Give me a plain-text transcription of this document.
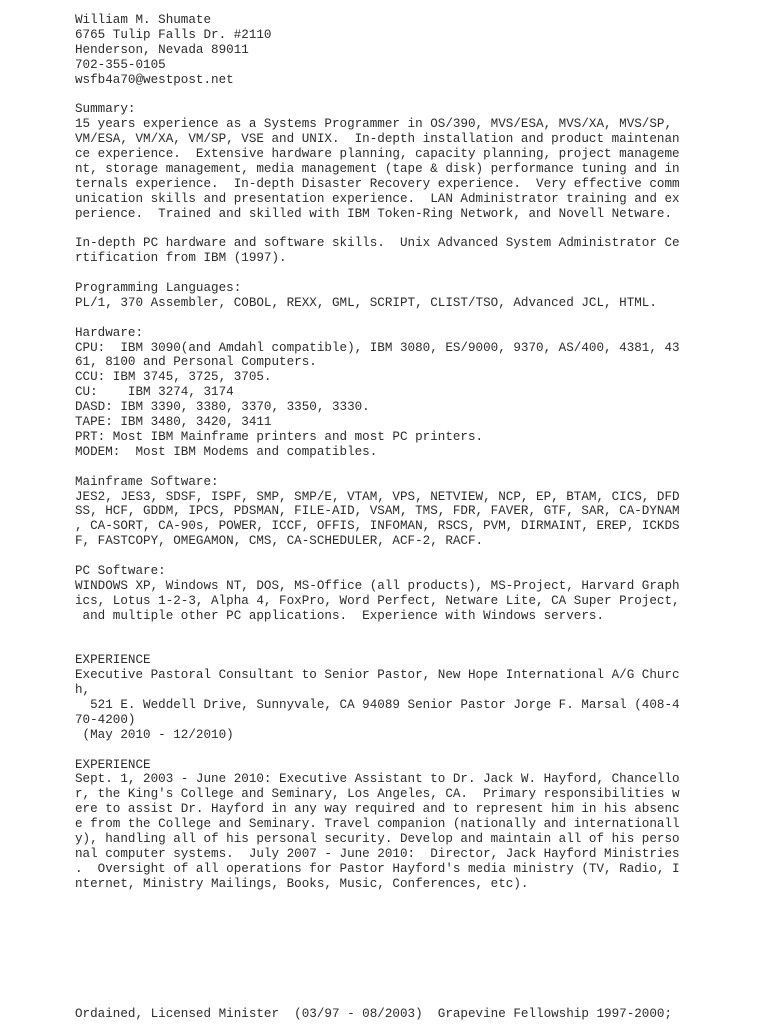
William M. Shumate
6765 Tulip Falls Dr. #2110
Henderson, Nevada 89011
702-355-0105
wsfb4a70@westpost.net
Summary:
15 years experience as a Systems Programmer in OS/390, MVS/ESA, MVS/XA, MVS/SP,
VM/ESA, VM/XA, VM/SP, VSE and UNIX.  In-depth installation and product maintenan
ce experience.  Extensive hardware planning, capacity planning, project manageme
nt, storage management, media management (tape & disk) performance tuning and in
ternals experience.  In-depth Disaster Recovery experience.  Very effective comm
unication skills and presentation experience.  LAN Administrator training and ex
perience.  Trained and skilled with IBM Token-Ring Network, and Novell Netware.
In-depth PC hardware and software skills.  Unix Advanced System Administrator Ce
rtification from IBM (1997).
Programming Languages:
PL/1, 370 Assembler, COBOL, REXX, GML, SCRIPT, CLIST/TSO, Advanced JCL, HTML.
Hardware:
CPU:  IBM 3090(and Amdahl compatible), IBM 3080, ES/9000, 9370, AS/400, 4381, 43
61, 8100 and Personal Computers.
CCU: IBM 3745, 3725, 3705.
CU:    IBM 3274, 3174
DASD: IBM 3390, 3380, 3370, 3350, 3330.
TAPE: IBM 3480, 3420, 3411
PRT: Most IBM Mainframe printers and most PC printers.
MODEM:  Most IBM Modems and compatibles.
Mainframe Software:
JES2, JES3, SDSF, ISPF, SMP, SMP/E, VTAM, VPS, NETVIEW, NCP, EP, BTAM, CICS, DFD
SS, HCF, GDDM, IPCS, PDSMAN, FILE-AID, VSAM, TMS, FDR, FAVER, GTF, SAR, CA-DYNAM
, CA-SORT, CA-90s, POWER, ICCF, OFFIS, INFOMAN, RSCS, PVM, DIRMAINT, EREP, ICKDS
F, FASTCOPY, OMEGAMON, CMS, CA-SCHEDULER, ACF-2, RACF.
PC Software:
WINDOWS XP, Windows NT, DOS, MS-Office (all products), MS-Project, Harvard Graph
ics, Lotus 1-2-3, Alpha 4, FoxPro, Word Perfect, Netware Lite, CA Super Project,
and multiple other PC applications.  Experience with Windows servers.
EXPERIENCE
Executive Pastoral Consultant to Senior Pastor, New Hope International A/G Churc
h,
521 E. Weddell Drive, Sunnyvale, CA 94089 Senior Pastor Jorge F. Marsal (408-4
70-4200)
(May 2010 - 12/2010)
EXPERIENCE
Sept. 1, 2003 - June 2010: Executive Assistant to Dr. Jack W. Hayford, Chancello
r, the King's College and Seminary, Los Angeles, CA.  Primary responsibilities w
ere to assist Dr. Hayford in any way required and to represent him in his absenc
e from the College and Seminary. Travel companion (nationally and internationall
y), handling all of his personal security. Develop and maintain all of his perso
nal computer systems.  July 2007 - June 2010:  Director, Jack Hayford Ministries
.  Oversight of all operations for Pastor Hayford's media ministry (TV, Radio, I
nternet, Ministry Mailings, Books, Music, Conferences, etc).
Ordained, Licensed Minister  (03/97 - 08/2003)  Grapevine Fellowship 1997-2000;
